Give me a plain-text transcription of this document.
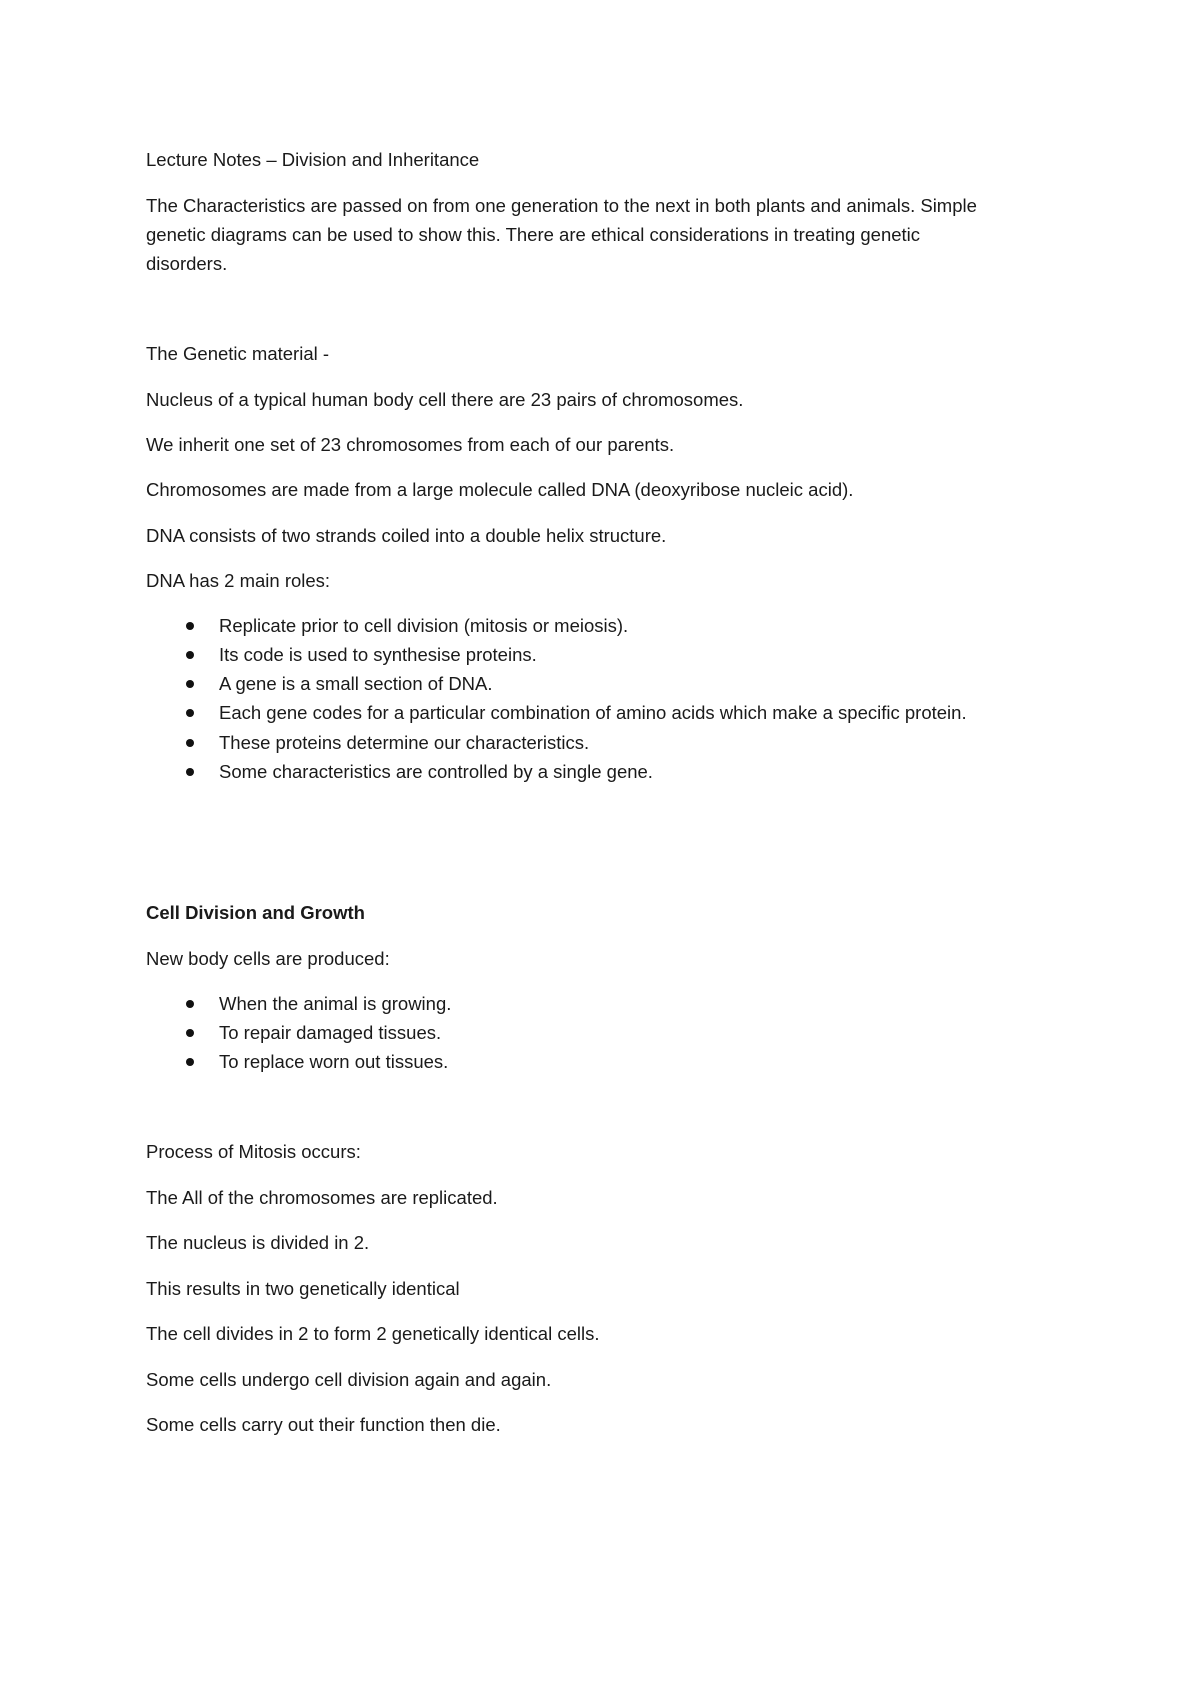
Lecture Notes – Division and Inheritance

The Characteristics are passed on from one generation to the next in both plants and animals. Simple

genetic diagrams can be used to show this. There are ethical considerations in treating genetic

disorders.

The Genetic material -

Nucleus of a typical human body cell there are 23 pairs of chromosomes.

We inherit one set of 23 chromosomes from each of our parents.

Chromosomes are made from a large molecule called DNA (deoxyribose nucleic acid).

DNA consists of two strands coiled into a double helix structure.

DNA has 2 main roles:

Replicate prior to cell division (mitosis or meiosis).

Its code is used to synthesise proteins.

A gene is a small section of DNA.

Each gene codes for a particular combination of amino acids which make a specific protein.

These proteins determine our characteristics.

Some characteristics are controlled by a single gene.

Cell Division and Growth

New body cells are produced:

When the animal is growing.

To repair damaged tissues.

To replace worn out tissues.

Process of Mitosis occurs:

The All of the chromosomes are replicated.

The nucleus is divided in 2.

This results in two genetically identical

The cell divides in 2 to form 2 genetically identical cells.

Some cells undergo cell division again and again.

Some cells carry out their function then die.
